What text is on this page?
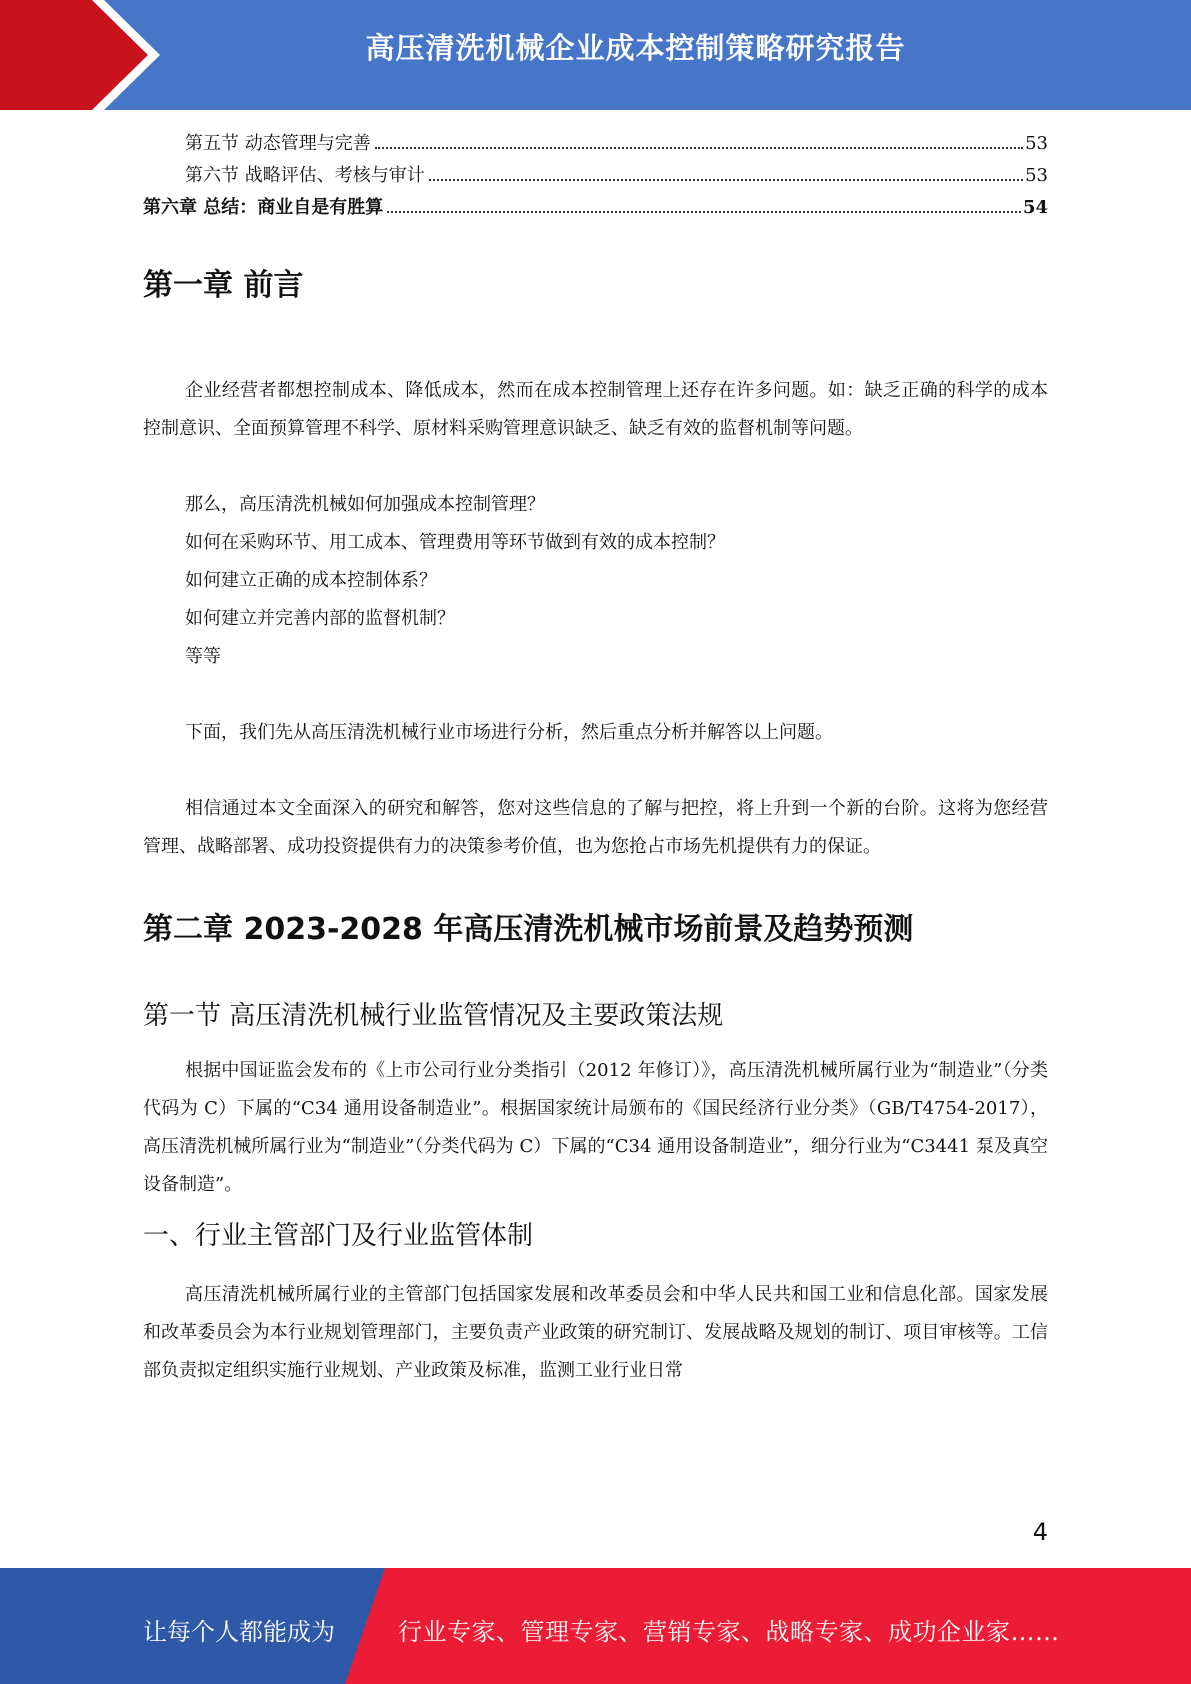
高压清洗机械企业成本控制策略研究报告
第五节 动态管理与完善	53
第六节 战略评估、考核与审计	53
第六章 总结：商业自是有胜算	54
第一章 前言

企业经营者都想控制成本、降低成本，然而在成本控制管理上还存在许多问题。如：缺乏正确的科学的成本控制意识、全面预算管理不科学、原材料采购管理意识缺乏、缺乏有效的监督机制等问题。

那么，高压清洗机械如何加强成本控制管理？
如何在采购环节、用工成本、管理费用等环节做到有效的成本控制？
如何建立正确的成本控制体系？
如何建立并完善内部的监督机制？
等等

下面，我们先从高压清洗机械行业市场进行分析，然后重点分析并解答以上问题。

相信通过本文全面深入的研究和解答，您对这些信息的了解与把控，将上升到一个新的台阶。这将为您经营管理、战略部署、成功投资提供有力的决策参考价值，也为您抢占市场先机提供有力的保证。

第二章 2023-2028 年高压清洗机械市场前景及趋势预测
第一节 高压清洗机械行业监管情况及主要政策法规

根据中国证监会发布的《上市公司行业分类指引（2012 年修订）》，高压清洗机械所属行业为“制造业”（分类代码为 C）下属的“C34 通用设备制造业”。根据国家统计局颁布的《国民经济行业分类》（GB/T4754-2017），高压清洗机械所属行业为“制造业”（分类代码为 C）下属的“C34 通用设备制造业”，细分行业为“C3441 泵及真空设备制造”。

一、行业主管部门及行业监管体制

高压清洗机械所属行业的主管部门包括国家发展和改革委员会和中华人民共和国工业和信息化部。国家发展和改革委员会为本行业规划管理部门，主要负责产业政策的研究制订、发展战略及规划的制订、项目审核等。工信部负责拟定组织实施行业规划、产业政策及标准，监测工业行业日常

4
让每个人都能成为	行业专家、管理专家、营销专家、战略专家、成功企业家……
